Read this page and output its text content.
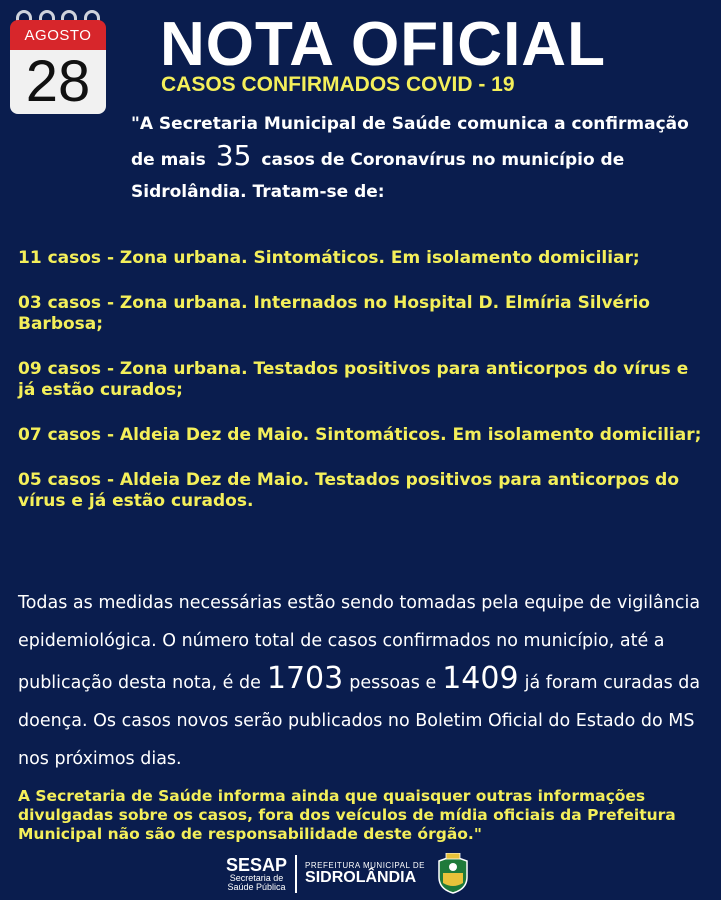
AGOSTO
28
NOTA OFICIAL
CASOS CONFIRMADOS COVID - 19
"A Secretaria Municipal de Saúde comunica a confirmação de mais 35 casos de Coronavírus no município de Sidrolândia. Tratam-se de:
11 casos - Zona urbana. Sintomáticos. Em isolamento domiciliar;
03 casos - Zona urbana. Internados no Hospital D. Elmíria Silvério Barbosa;
09 casos - Zona urbana. Testados positivos para anticorpos do vírus e já estão curados;
07 casos - Aldeia Dez de Maio. Sintomáticos. Em isolamento domiciliar;
05 casos - Aldeia Dez de Maio. Testados positivos para anticorpos do vírus e já estão curados.
Todas as medidas necessárias estão sendo tomadas pela equipe de vigilância epidemiológica. O número total de casos confirmados no município, até a publicação desta nota, é de 1703 pessoas e 1409 já foram curadas da doença. Os casos novos serão publicados no Boletim Oficial do Estado do MS nos próximos dias.
A Secretaria de Saúde informa ainda que quaisquer outras informações divulgadas sobre os casos, fora dos veículos de mídia oficiais da Prefeitura Municipal não são de responsabilidade deste órgão."
SESAP
Secretaria de
Saúde Pública
PREFEITURA MUNICIPAL DE
SIDROLÂNDIA
